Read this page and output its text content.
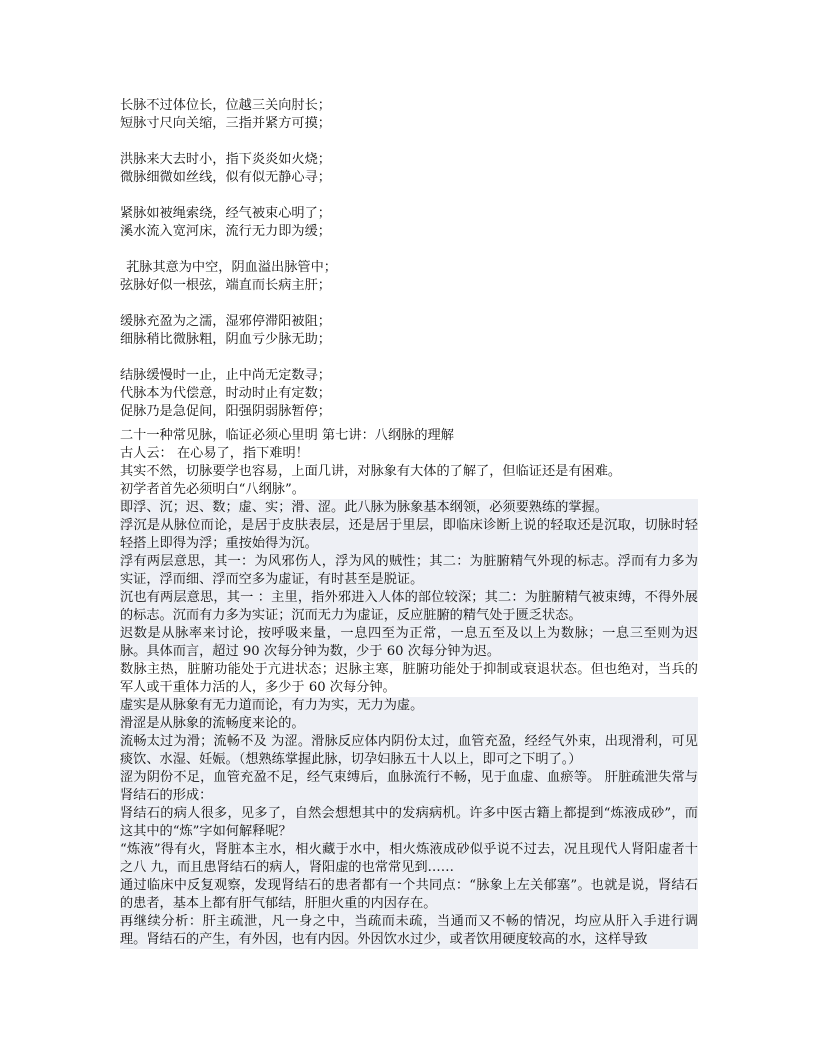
长脉不过体位长，位越三关向肘长；
短脉寸尺向关缩，三指并紧方可摸；
洪脉来大去时小，指下炎炎如火烧；
微脉细微如丝线，似有似无静心寻；
紧脉如被绳索绕，经气被束心明了；
溪水流入宽河床，流行无力即为缓；
芤脉其意为中空，阴血溢出脉管中；
弦脉好似一根弦，端直而长病主肝；
缓脉充盈为之濡，湿邪停滞阳被阻；
细脉稍比微脉粗，阴血亏少脉无助；
结脉缓慢时一止，止中尚无定数寻；
代脉本为代偿意，时动时止有定数；
促脉乃是急促间，阳强阴弱脉暂停；

二十一种常见脉，临证必须心里明 第七讲：八纲脉的理解

古人云： 在心易了，指下难明！

其实不然，切脉要学也容易，上面几讲，对脉象有大体的了解了，但临证还是有困难。

初学者首先必须明白“八纲脉”。

即浮、沉；迟、数；虚、实；滑、涩。此八脉为脉象基本纲领，必须要熟练的掌握。

浮沉是从脉位而论，是居于皮肤表层，还是居于里层，即临床诊断上说的轻取还是沉取，切脉时轻轻搭上即得为浮；重按始得为沉。

浮有两层意思，其一：为风邪伤人，浮为风的贼性；其二：为脏腑精气外现的标志。浮而有力多为实证，浮而细、浮而空多为虚证，有时甚至是脱证。

沉也有两层意思，其一 ：主里，指外邪进入人体的部位较深；其二：为脏腑精气被束缚，不得外展的标志。沉而有力多为实证；沉而无力为虚证，反应脏腑的精气处于匮乏状态。

迟数是从脉率来讨论，按呼吸来量，一息四至为正常，一息五至及以上为数脉；一息三至则为迟脉。具体而言，超过 90 次每分钟为数，少于 60 次每分钟为迟。

数脉主热，脏腑功能处于亢进状态；迟脉主寒，脏腑功能处于抑制或衰退状态。但也绝对，当兵的军人或干重体力活的人，多少于 60 次每分钟。

虚实是从脉象有无力道而论，有力为实，无力为虚。

滑涩是从脉象的流畅度来论的。

流畅太过为滑；流畅不及 为涩。滑脉反应体内阴份太过，血管充盈，经经气外束，出现滑利，可见痰饮、水湿、妊娠。（想熟练掌握此脉，切孕妇脉五十人以上，即可之下明了。）

涩为阴份不足，血管充盈不足，经气束缚后，血脉流行不畅，见于血虚、血瘀等。 肝脏疏泄失常与肾结石的形成：

肾结石的病人很多，见多了，自然会想想其中的发病病机。许多中医古籍上都提到“炼液成砂”，而这其中的“炼”字如何解释呢？

“炼液”得有火，肾脏本主水，相火藏于水中，相火炼液成砂似乎说不过去，况且现代人肾阳虚者十之八 九，而且患肾结石的病人，肾阳虚的也常常见到……

通过临床中反复观察，发现肾结石的患者都有一个共同点：“脉象上左关郁塞”。也就是说，肾结石的患者，基本上都有肝气郁结，肝胆火重的内因存在。

再继续分析：肝主疏泄，凡一身之中，当疏而未疏，当通而又不畅的情况，均应从肝入手进行调 理。肾结石的产生，有外因，也有内因。外因饮水过少，或者饮用硬度较高的水，这样导致
